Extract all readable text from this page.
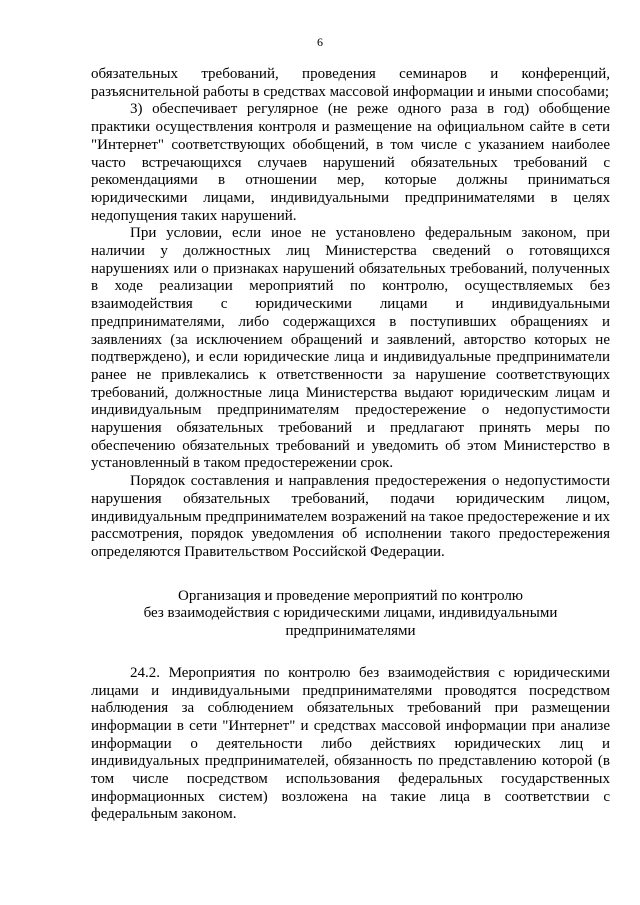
6

обязательных требований, проведения семинаров и конференций, разъяснительной работы в средствах массовой информации и иными способами;

3) обеспечивает регулярное (не реже одного раза в год) обобщение практики осуществления контроля и размещение на официальном сайте в сети "Интернет" соответствующих обобщений, в том числе с указанием наиболее часто встречающихся случаев нарушений обязательных требований с рекомендациями в отношении мер, которые должны приниматься юридическими лицами, индивидуальными предпринимателями в целях недопущения таких нарушений.

При условии, если иное не установлено федеральным законом, при наличии у должностных лиц Министерства сведений о готовящихся нарушениях или о признаках нарушений обязательных требований, полученных в ходе реализации мероприятий по контролю, осуществляемых без взаимодействия с юридическими лицами и индивидуальными предпринимателями, либо содержащихся в поступивших обращениях и заявлениях (за исключением обращений и заявлений, авторство которых не подтверждено), и если юридические лица и индивидуальные предприниматели ранее не привлекались к ответственности за нарушение соответствующих требований, должностные лица Министерства выдают юридическим лицам и индивидуальным предпринимателям предостережение о недопустимости нарушения обязательных требований и предлагают принять меры по обеспечению обязательных требований и уведомить об этом Министерство в установленный в таком предостережении срок.

Порядок составления и направления предостережения о недопустимости нарушения обязательных требований, подачи юридическим лицом, индивидуальным предпринимателем возражений на такое предостережение и их рассмотрения, порядок уведомления об исполнении такого предостережения определяются Правительством Российской Федерации.

Организация и проведение мероприятий по контролю
без взаимодействия с юридическими лицами, индивидуальными
предпринимателями

24.2. Мероприятия по контролю без взаимодействия с юридическими лицами и индивидуальными предпринимателями проводятся посредством наблюдения за соблюдением обязательных требований при размещении информации в сети "Интернет" и средствах массовой информации при анализе информации о деятельности либо действиях юридических лиц и индивидуальных предпринимателей, обязанность по представлению которой (в том числе посредством использования федеральных государственных информационных систем) возложена на такие лица в соответствии с федеральным законом.
